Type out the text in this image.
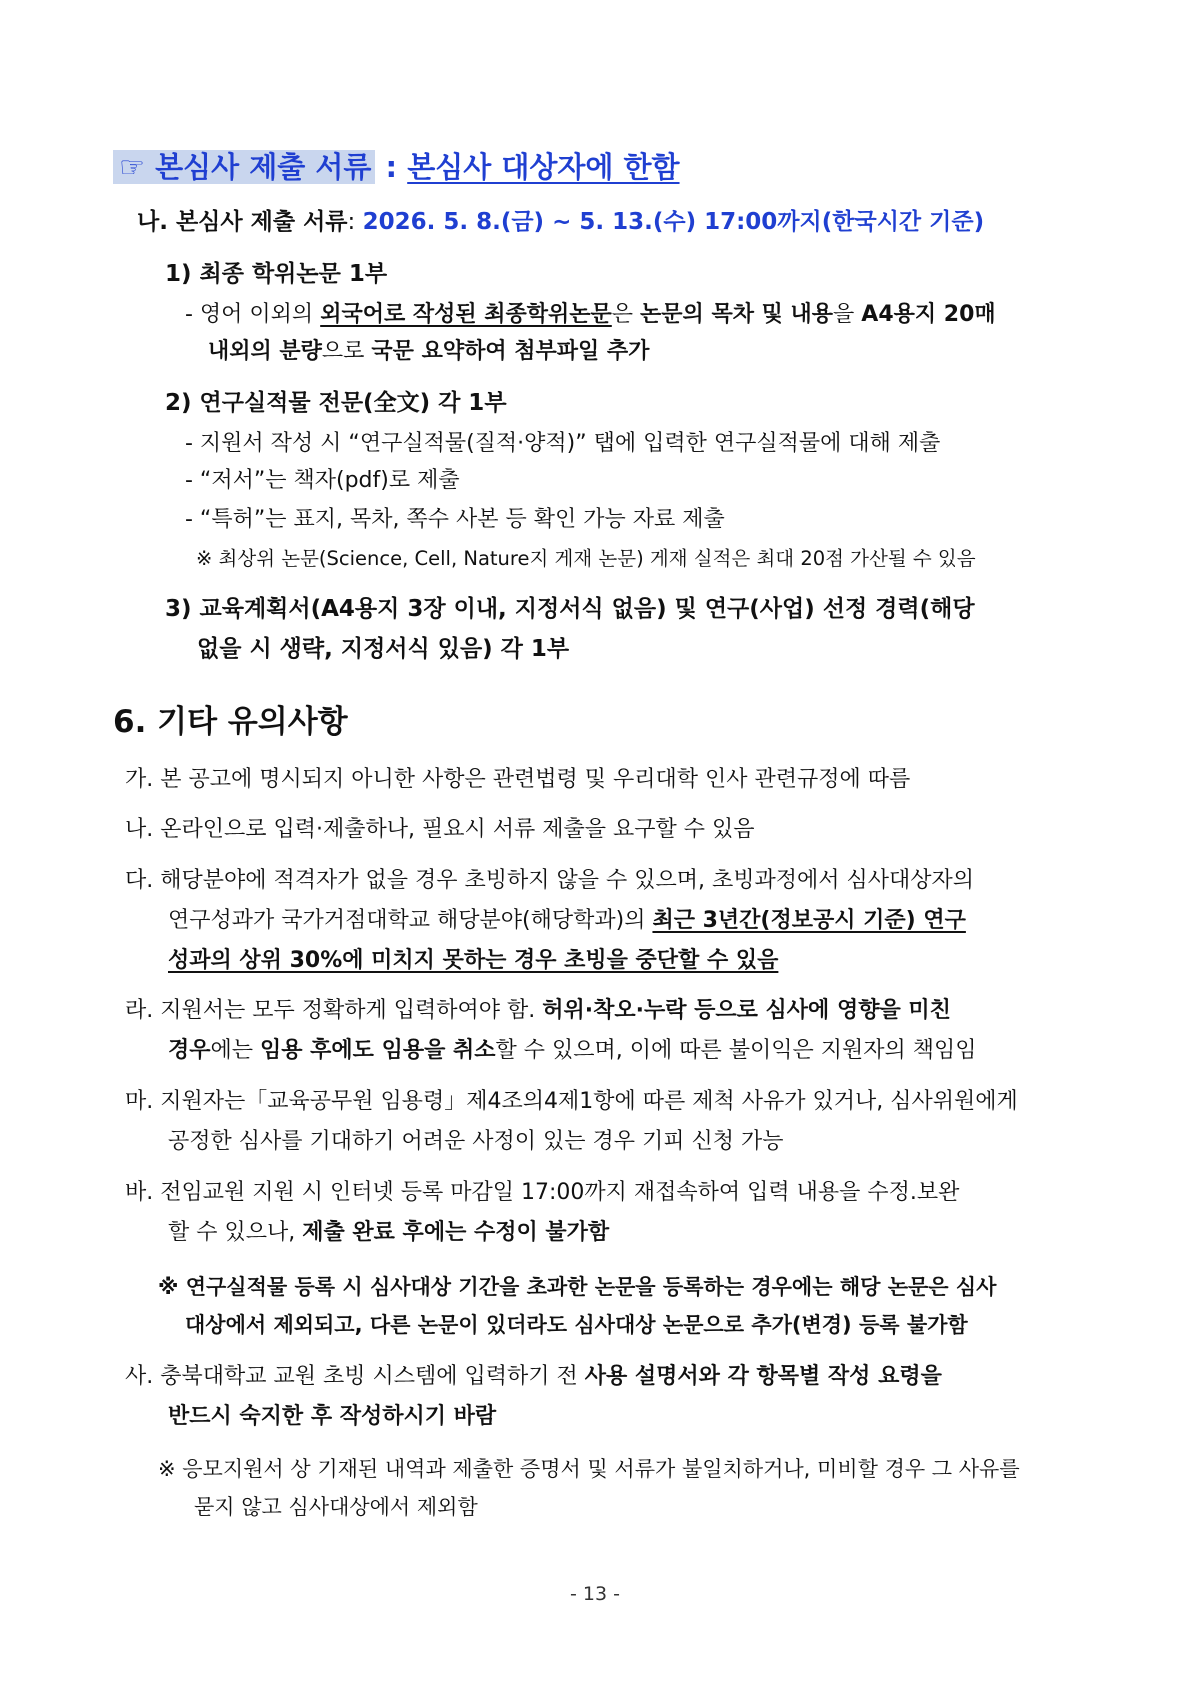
☞ 본심사 제출 서류 : 본심사 대상자에 한함
나. 본심사 제출 서류: 2026. 5. 8.(금) ~ 5. 13.(수) 17:00까지(한국시간 기준)
1) 최종 학위논문 1부
- 영어 이외의 외국어로 작성된 최종학위논문은 논문의 목차 및 내용을 A4용지 20매
내외의 분량으로 국문 요약하여 첨부파일 추가
2) 연구실적물 전문(全文) 각 1부
- 지원서 작성 시 “연구실적물(질적·양적)” 탭에 입력한 연구실적물에 대해 제출
- “저서”는 책자(pdf)로 제출
- “특허”는 표지, 목차, 쪽수 사본 등 확인 가능 자료 제출
※ 최상위 논문(Science, Cell, Nature지 게재 논문) 게재 실적은 최대 20점 가산될 수 있음
3) 교육계획서(A4용지 3장 이내, 지정서식 없음) 및 연구(사업) 선정 경력(해당
없을 시 생략, 지정서식 있음) 각 1부
6. 기타 유의사항
가. 본 공고에 명시되지 아니한 사항은 관련법령 및 우리대학 인사 관련규정에 따름
나. 온라인으로 입력·제출하나, 필요시 서류 제출을 요구할 수 있음
다. 해당분야에 적격자가 없을 경우 초빙하지 않을 수 있으며, 초빙과정에서 심사대상자의
연구성과가 국가거점대학교 해당분야(해당학과)의 최근 3년간(정보공시 기준) 연구
성과의 상위 30%에 미치지 못하는 경우 초빙을 중단할 수 있음
라. 지원서는 모두 정확하게 입력하여야 함. 허위·착오·누락 등으로 심사에 영향을 미친
경우에는 임용 후에도 임용을 취소할 수 있으며, 이에 따른 불이익은 지원자의 책임임
마. 지원자는「교육공무원 임용령」제4조의4제1항에 따른 제척 사유가 있거나, 심사위원에게
공정한 심사를 기대하기 어려운 사정이 있는 경우 기피 신청 가능
바. 전임교원 지원 시 인터넷 등록 마감일 17:00까지 재접속하여 입력 내용을 수정.보완
할 수 있으나, 제출 완료 후에는 수정이 불가함
※ 연구실적물 등록 시 심사대상 기간을 초과한 논문을 등록하는 경우에는 해당 논문은 심사
대상에서 제외되고, 다른 논문이 있더라도 심사대상 논문으로 추가(변경) 등록 불가함
사. 충북대학교 교원 초빙 시스템에 입력하기 전 사용 설명서와 각 항목별 작성 요령을
반드시 숙지한 후 작성하시기 바람
※ 응모지원서 상 기재된 내역과 제출한 증명서 및 서류가 불일치하거나, 미비할 경우 그 사유를
묻지 않고 심사대상에서 제외함
- 13 -
